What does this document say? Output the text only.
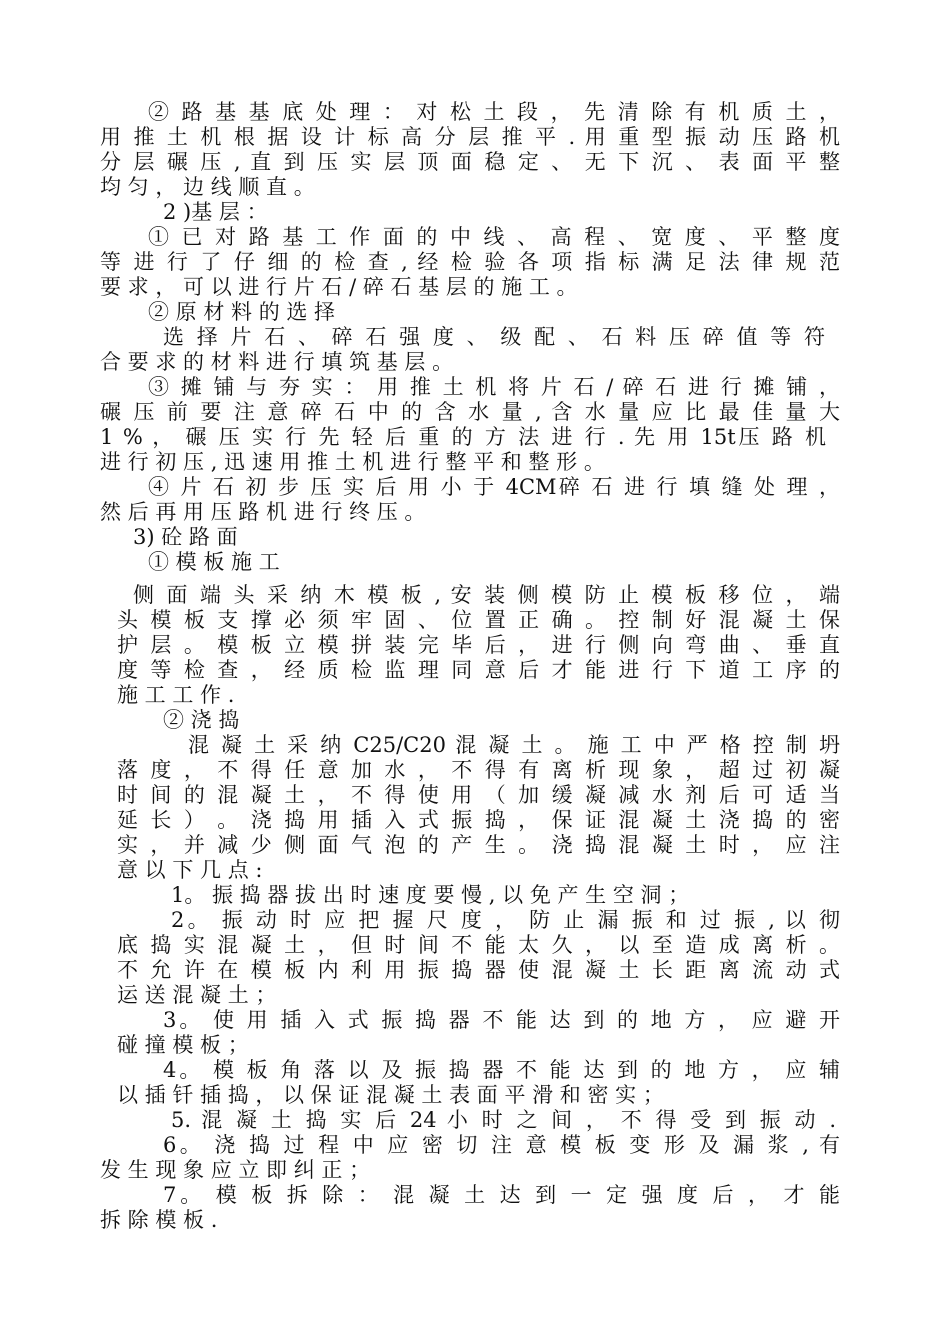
② 路 基 基 底 处 理 ： 对 松 土 段 ， 先 清 除 有 机 质 土 ，
用 推 土 机 根 据 设 计 标 高 分 层 推 平 . 用 重 型 振 动 压 路 机
分 层 碾 压 , 直 到 压 实 层 顶 面 稳 定 、 无 下 沉 、 表 面 平 整
均 匀 ， 边 线 顺 直 。
2 )基 层 ：
① 已 对 路 基 工 作 面 的 中 线 、 高 程 、 宽 度 、 平 整 度
等 进 行 了 仔 细 的 检 查 , 经 检 验 各 项 指 标 满 足 法 律 规 范
要 求 ， 可 以 进 行 片 石 / 碎 石 基 层 的 施 工 。
② 原 材 料 的 选 择
选 择 片 石 、 碎 石 强 度 、 级 配 、 石 料 压 碎 值 等 符
合 要 求 的 材 料 进 行 填 筑 基 层 。
③ 摊 铺 与 夯 实 ： 用 推 土 机 将 片 石 / 碎 石 进 行 摊 铺 ，
碾 压 前 要 注 意 碎 石 中 的 含 水 量 , 含 水 量 应 比 最 佳 量 大
1 % ， 碾 压 实 行 先 轻 后 重 的 方 法 进 行 . 先 用 15t压 路 机
进 行 初 压 , 迅 速 用 推 土 机 进 行 整 平 和 整 形 。
④ 片 石 初 步 压 实 后 用 小 于 4CM碎 石 进 行 填 缝 处 理 ，
然 后 再 用 压 路 机 进 行 终 压 。
3) 砼 路 面
① 模 板 施 工
侧 面 端 头 采 纳 木 模 板 , 安 装 侧 模 防 止 模 板 移 位 ， 端
头 模 板 支 撑 必 须 牢 固 、 位 置 正 确 。 控 制 好 混 凝 土 保
护 层 。 模 板 立 模 拼 装 完 毕 后 ， 进 行 侧 向 弯 曲 、 垂 直
度 等 检 查 ， 经 质 检 监 理 同 意 后 才 能 进 行 下 道 工 序 的
施 工 工 作 .
② 浇 捣
混 凝 土 采 纳 C25/C20 混 凝 土 。 施 工 中 严 格 控 制 坍
落 度 ， 不 得 任 意 加 水 ， 不 得 有 离 析 现 象 ， 超 过 初 凝
时 间 的 混 凝 土 ， 不 得 使 用 （ 加 缓 凝 减 水 剂 后 可 适 当
延 长 ） 。 浇 捣 用 插 入 式 振 捣 ， 保 证 混 凝 土 浇 捣 的 密
实 ， 并 减 少 侧 面 气 泡 的 产 生 。 浇 捣 混 凝 土 时 ， 应 注
意 以 下 几 点 :
1。 振 捣 器 拔 出 时 速 度 要 慢 , 以 免 产 生 空 洞 ；
2。 振 动 时 应 把 握 尺 度 ， 防 止 漏 振 和 过 振 , 以 彻
底 捣 实 混 凝 土 ， 但 时 间 不 能 太 久 ， 以 至 造 成 离 析 。
不 允 许 在 模 板 内 利 用 振 捣 器 使 混 凝 土 长 距 离 流 动 式
运 送 混 凝 土 ；
3。 使 用 插 入 式 振 捣 器 不 能 达 到 的 地 方 ， 应 避 开
碰 撞 模 板 ；
4。 模 板 角 落 以 及 振 捣 器 不 能 达 到 的 地 方 ， 应 辅
以 插 钎 插 捣 ， 以 保 证 混 凝 土 表 面 平 滑 和 密 实 ；
5. 混 凝 土 捣 实 后 24 小 时 之 间 ， 不 得 受 到 振 动 .
6。 浇 捣 过 程 中 应 密 切 注 意 模 板 变 形 及 漏 浆 , 有
发 生 现 象 应 立 即 纠 正 ；
7。 模 板 拆 除 ： 混 凝 土 达 到 一 定 强 度 后 ， 才 能
拆 除 模 板 .
